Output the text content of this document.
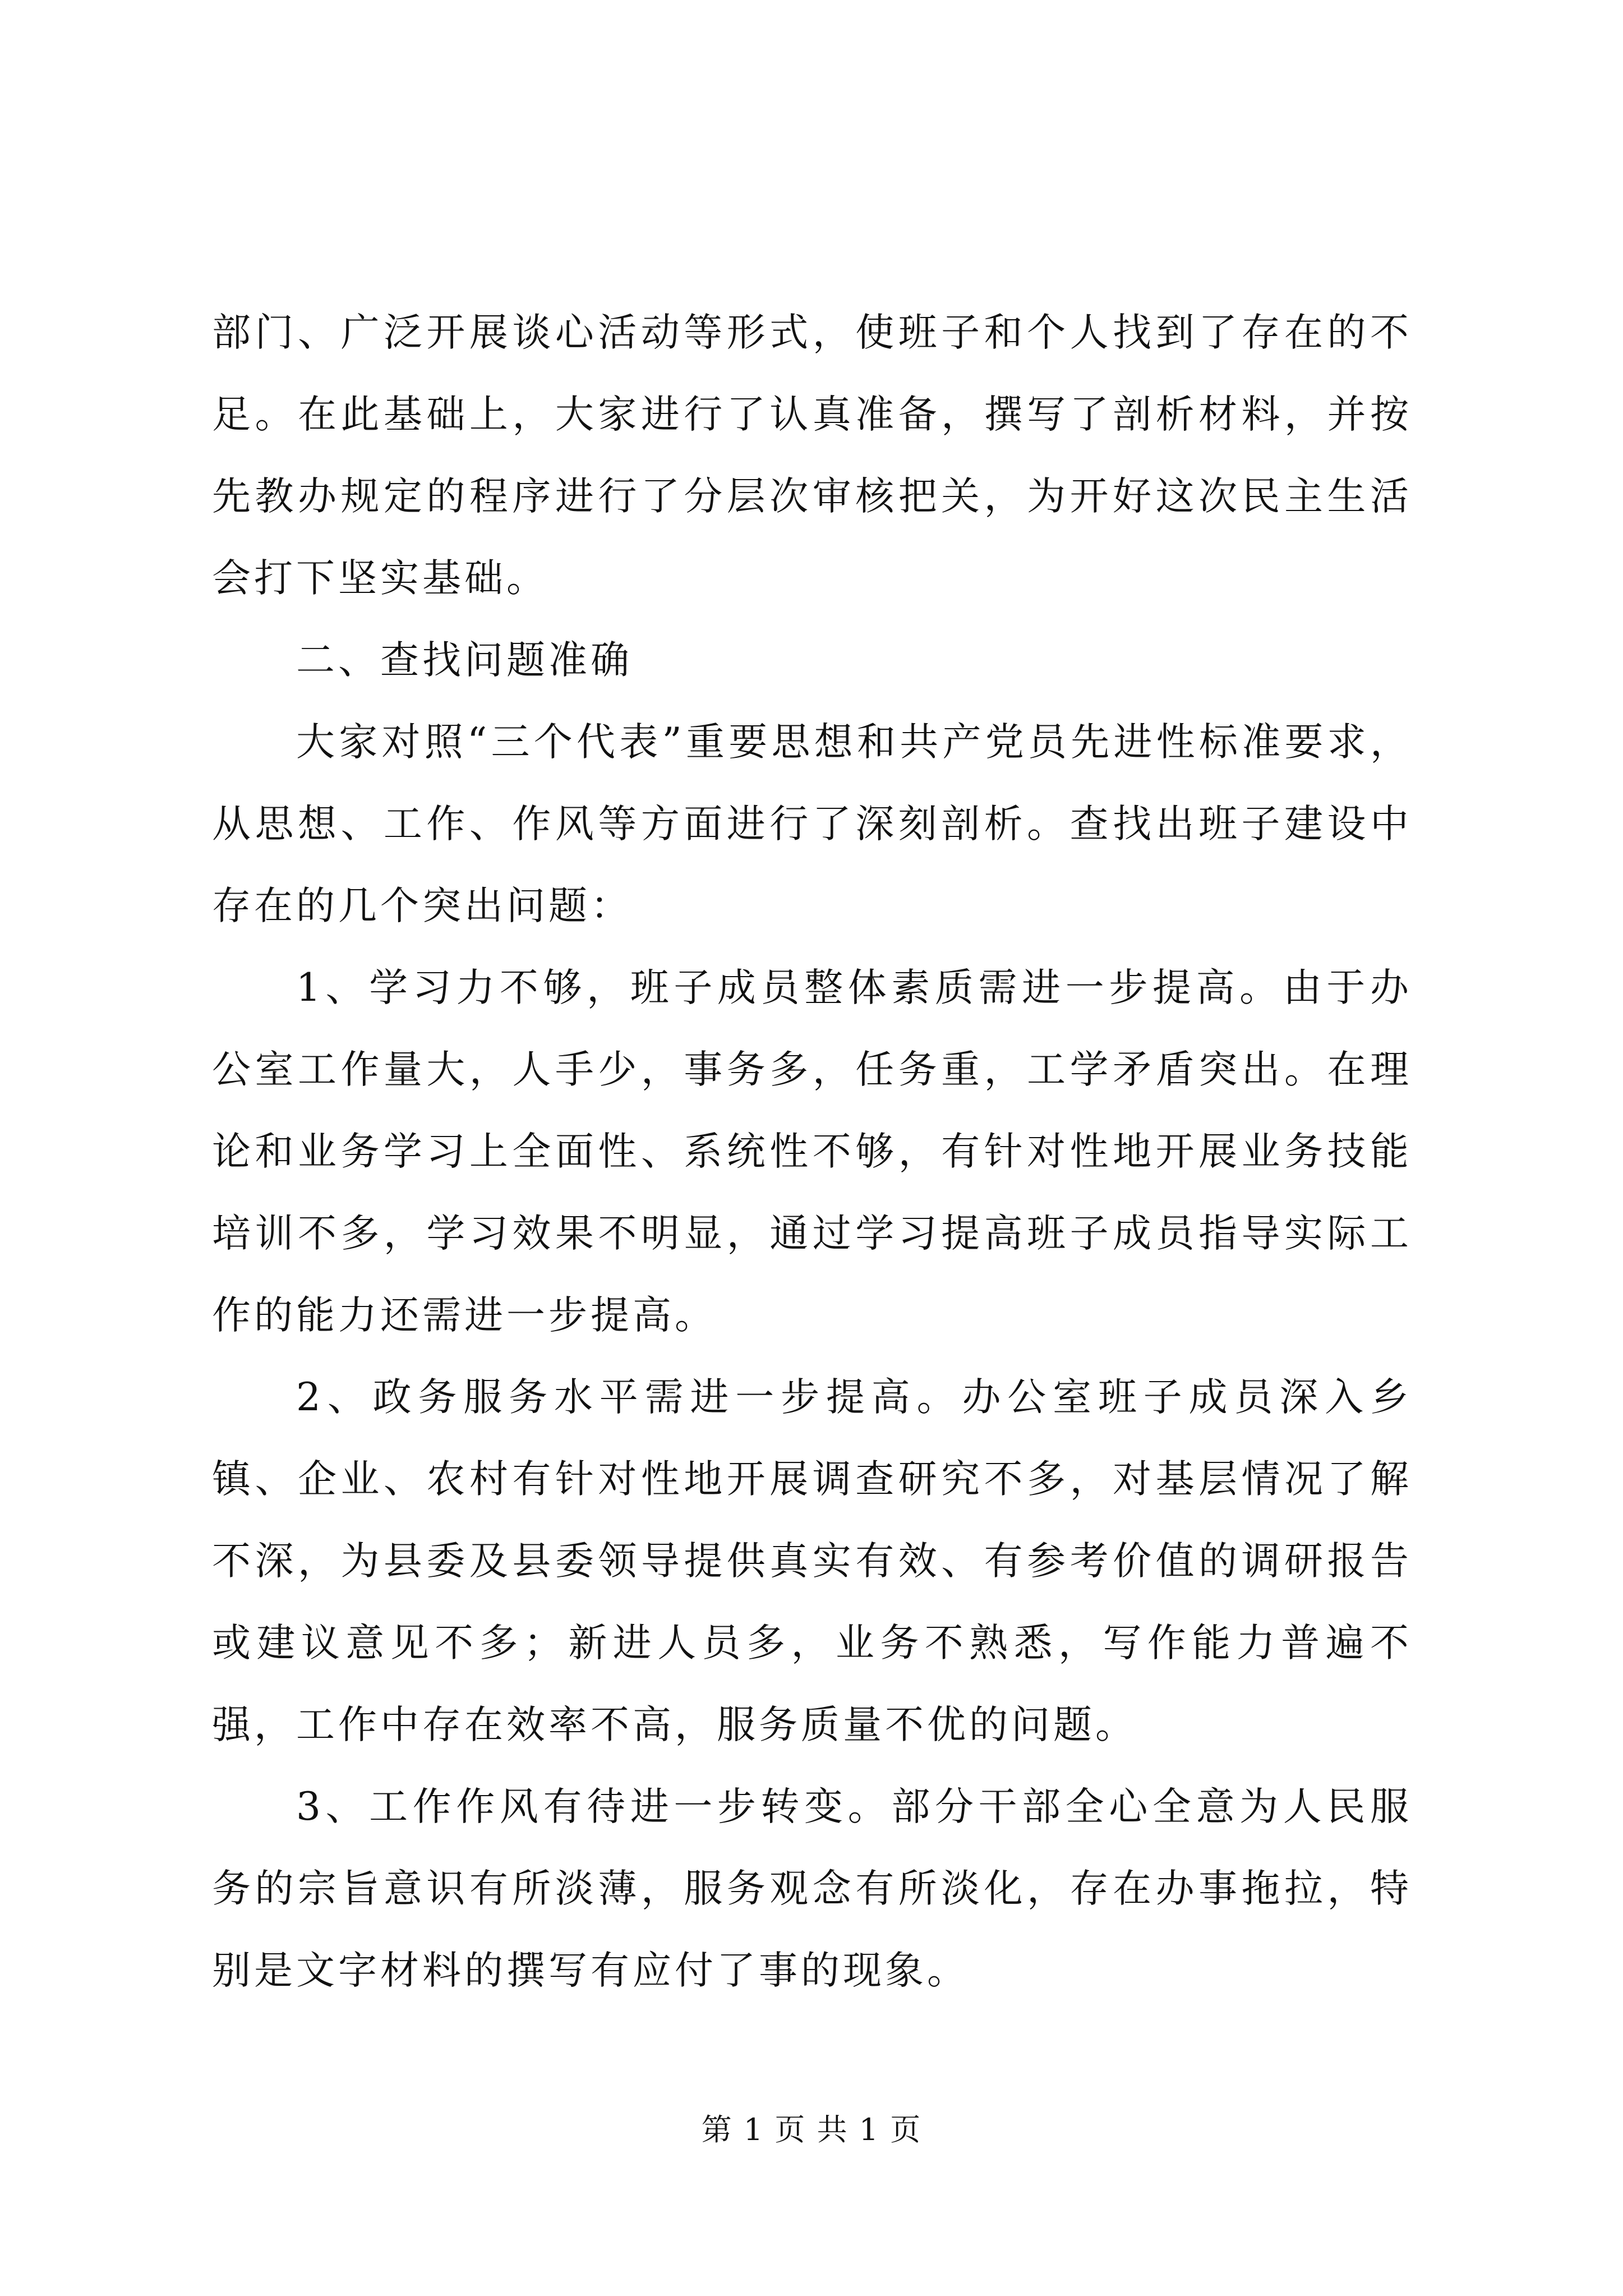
部门、广泛开展谈心活动等形式，使班子和个人找到了存在的不足。在此基础上，大家进行了认真准备，撰写了剖析材料，并按先教办规定的程序进行了分层次审核把关，为开好这次民主生活会打下坚实基础。

二、查找问题准确

大家对照“三个代表”重要思想和共产党员先进性标准要求，从思想、工作、作风等方面进行了深刻剖析。查找出班子建设中存在的几个突出问题：

1、学习力不够，班子成员整体素质需进一步提高。由于办公室工作量大，人手少，事务多，任务重，工学矛盾突出。在理论和业务学习上全面性、系统性不够，有针对性地开展业务技能培训不多，学习效果不明显，通过学习提高班子成员指导实际工作的能力还需进一步提高。

2、政务服务水平需进一步提高。办公室班子成员深入乡镇、企业、农村有针对性地开展调查研究不多，对基层情况了解不深，为县委及县委领导提供真实有效、有参考价值的调研报告或建议意见不多；新进人员多，业务不熟悉，写作能力普遍不强，工作中存在效率不高，服务质量不优的问题。

3、工作作风有待进一步转变。部分干部全心全意为人民服务的宗旨意识有所淡薄，服务观念有所淡化，存在办事拖拉，特别是文字材料的撰写有应付了事的现象。

第 1 页 共 1 页
